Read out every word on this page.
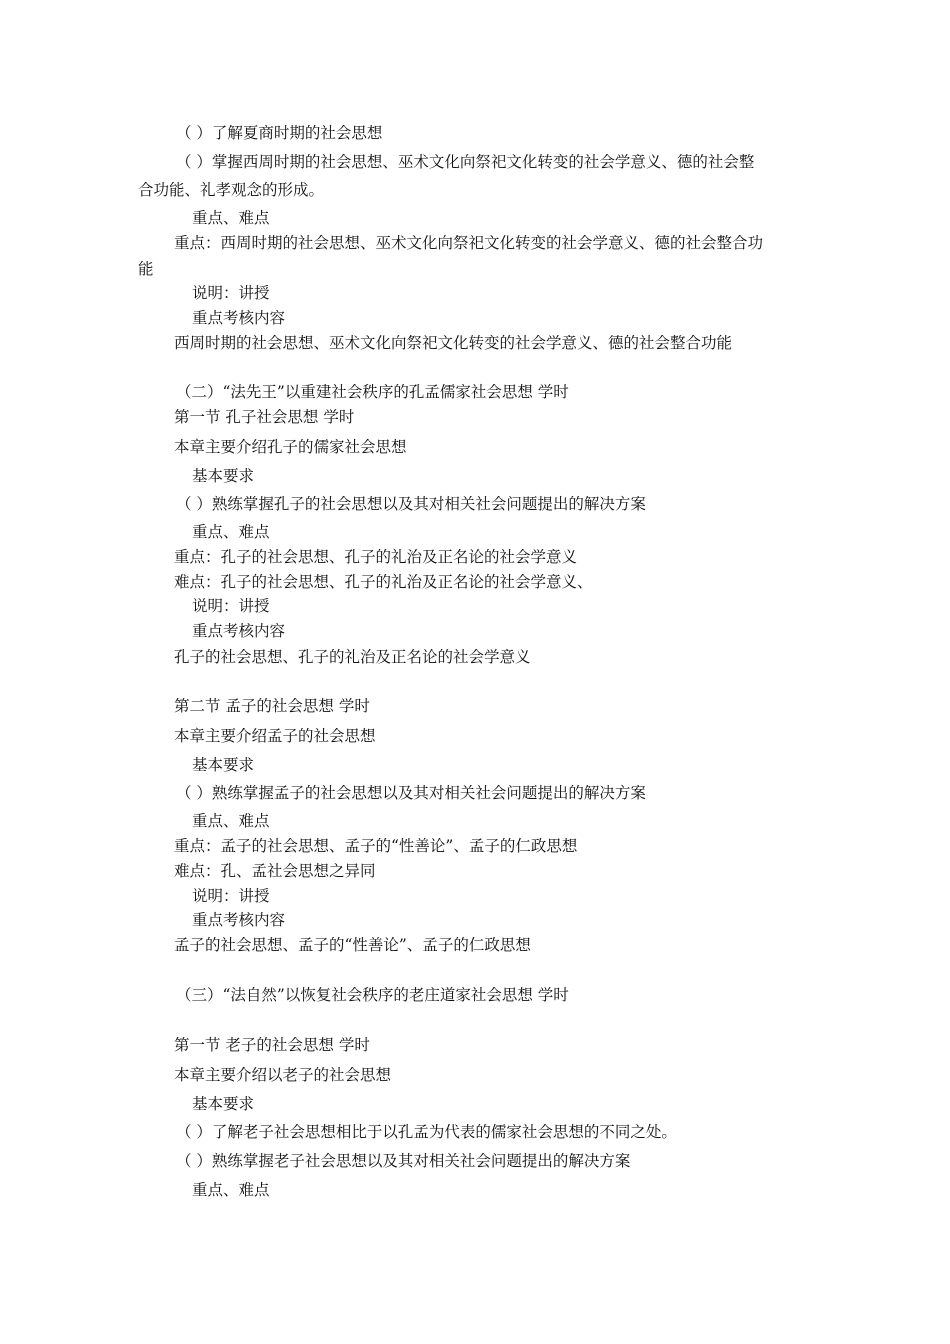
（ ）了解夏商时期的社会思想
（ ）掌握西周时期的社会思想、巫术文化向祭祀文化转变的社会学意义、德的社会整
合功能、礼孝观念的形成。
重点、难点
重点：西周时期的社会思想、巫术文化向祭祀文化转变的社会学意义、德的社会整合功
能
说明：讲授
重点考核内容
西周时期的社会思想、巫术文化向祭祀文化转变的社会学意义、德的社会整合功能
（二）“法先王”以重建社会秩序的孔孟儒家社会思想 学时
第一节 孔子社会思想 学时
本章主要介绍孔子的儒家社会思想
基本要求
（ ）熟练掌握孔子的社会思想以及其对相关社会问题提出的解决方案
重点、难点
重点：孔子的社会思想、孔子的礼治及正名论的社会学意义
难点：孔子的社会思想、孔子的礼治及正名论的社会学意义、
说明：讲授
重点考核内容
孔子的社会思想、孔子的礼治及正名论的社会学意义
第二节 孟子的社会思想 学时
本章主要介绍孟子的社会思想
基本要求
（ ）熟练掌握孟子的社会思想以及其对相关社会问题提出的解决方案
重点、难点
重点：孟子的社会思想、孟子的“性善论”、孟子的仁政思想
难点：孔、孟社会思想之异同
说明：讲授
重点考核内容
孟子的社会思想、孟子的“性善论”、孟子的仁政思想
（三）“法自然”以恢复社会秩序的老庄道家社会思想 学时
第一节 老子的社会思想 学时
本章主要介绍以老子的社会思想
基本要求
（ ）了解老子社会思想相比于以孔孟为代表的儒家社会思想的不同之处。
（ ）熟练掌握老子社会思想以及其对相关社会问题提出的解决方案
重点、难点
